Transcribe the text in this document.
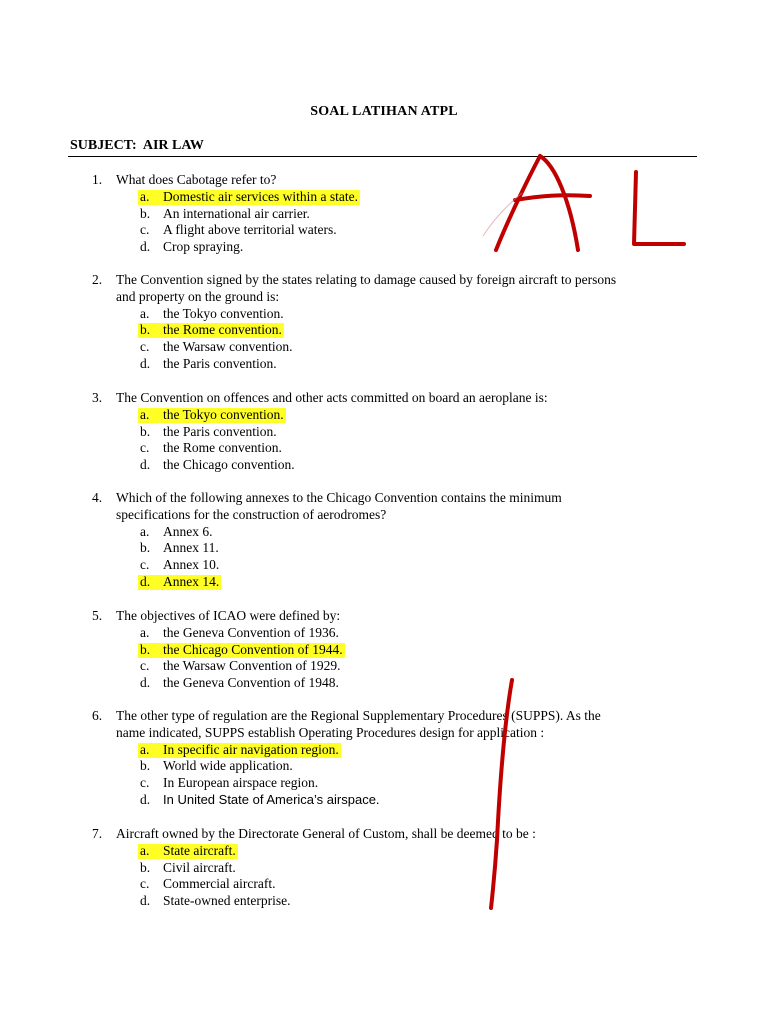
SOAL LATIHAN ATPL
SUBJECT:  AIR LAW
1. What does Cabotage refer to?
a. Domestic air services within a state.
b. An international air carrier.
c. A flight above territorial waters.
d. Crop spraying.
2. The Convention signed by the states relating to damage caused by foreign aircraft to persons
and property on the ground is:
a. the Tokyo convention.
b. the Rome convention.
c. the Warsaw convention.
d. the Paris convention.
3. The Convention on offences and other acts committed on board an aeroplane is:
a. the Tokyo convention.
b. the Paris convention.
c. the Rome convention.
d. the Chicago convention.
4. Which of the following annexes to the Chicago Convention contains the minimum
specifications for the construction of aerodromes?
a. Annex 6.
b. Annex 11.
c. Annex 10.
d. Annex 14.
5. The objectives of ICAO were defined by:
a. the Geneva Convention of 1936.
b. the Chicago Convention of 1944.
c. the Warsaw Convention of 1929.
d. the Geneva Convention of 1948.
6. The other type of regulation are the Regional Supplementary Procedures (SUPPS). As the
name indicated, SUPPS establish Operating Procedures design for application :
a. In specific air navigation region.
b. World wide application.
c. In European airspace region.
d. In United State of America’s airspace.
7. Aircraft owned by the Directorate General of Custom, shall be deemed to be :
a. State aircraft.
b. Civil aircraft.
c. Commercial aircraft.
d. State-owned enterprise.
